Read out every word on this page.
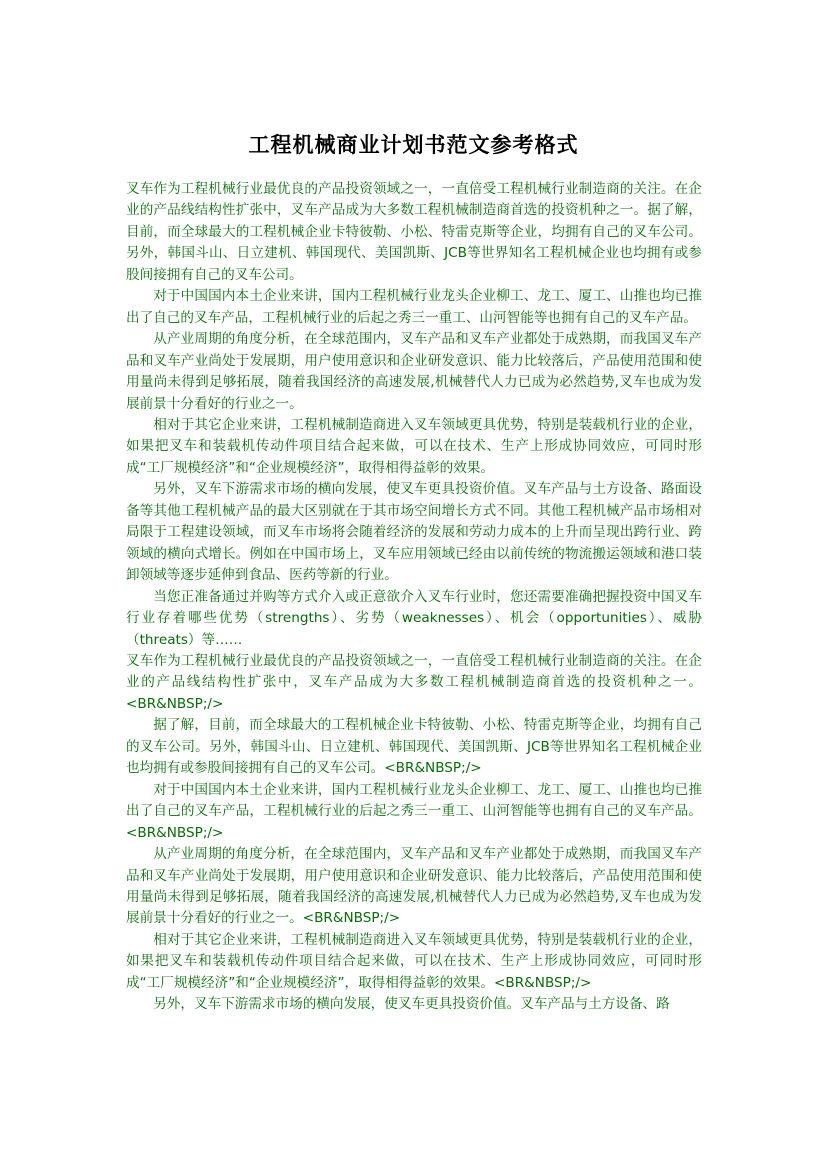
工程机械商业计划书范文参考格式

叉车作为工程机械行业最优良的产品投资领域之一，一直倍受工程机械行业制造商的关注。在企业的产品线结构性扩张中，叉车产品成为大多数工程机械制造商首选的投资机种之一。据了解，目前，而全球最大的工程机械企业卡特彼勒、小松、特雷克斯等企业，均拥有自己的叉车公司。另外，韩国斗山、日立建机、韩国现代、美国凯斯、JCB等世界知名工程机械企业也均拥有或参股间接拥有自己的叉车公司。

对于中国国内本土企业来讲，国内工程机械行业龙头企业柳工、龙工、厦工、山推也均已推出了自己的叉车产品，工程机械行业的后起之秀三一重工、山河智能等也拥有自己的叉车产品。

从产业周期的角度分析，在全球范围内，叉车产品和叉车产业都处于成熟期，而我国叉车产品和叉车产业尚处于发展期，用户使用意识和企业研发意识、能力比较落后，产品使用范围和使用量尚未得到足够拓展，随着我国经济的高速发展,机械替代人力已成为必然趋势,叉车也成为发展前景十分看好的行业之一。

相对于其它企业来讲，工程机械制造商进入叉车领域更具优势，特别是装载机行业的企业，如果把叉车和装载机传动件项目结合起来做，可以在技术、生产上形成协同效应，可同时形成“工厂规模经济”和“企业规模经济”，取得相得益彰的效果。

另外，叉车下游需求市场的横向发展，使叉车更具投资价值。叉车产品与土方设备、路面设备等其他工程机械产品的最大区别就在于其市场空间增长方式不同。其他工程机械产品市场相对局限于工程建设领域，而叉车市场将会随着经济的发展和劳动力成本的上升而呈现出跨行业、跨领域的横向式增长。例如在中国市场上，叉车应用领域已经由以前传统的物流搬运领域和港口装卸领域等逐步延伸到食品、医药等新的行业。

当您正准备通过并购等方式介入或正意欲介入叉车行业时，您还需要准确把握投资中国叉车行业存着哪些优势（strengths）、劣势（weaknesses）、机会（opportunities）、威胁（threats）等……

叉车作为工程机械行业最优良的产品投资领域之一，一直倍受工程机械行业制造商的关注。在企业的产品线结构性扩张中，叉车产品成为大多数工程机械制造商首选的投资机种之一。<BR&NBSP;/>

据了解，目前，而全球最大的工程机械企业卡特彼勒、小松、特雷克斯等企业，均拥有自己的叉车公司。另外，韩国斗山、日立建机、韩国现代、美国凯斯、JCB等世界知名工程机械企业也均拥有或参股间接拥有自己的叉车公司。<BR&NBSP;/>

对于中国国内本土企业来讲，国内工程机械行业龙头企业柳工、龙工、厦工、山推也均已推出了自己的叉车产品，工程机械行业的后起之秀三一重工、山河智能等也拥有自己的叉车产品。<BR&NBSP;/>

从产业周期的角度分析，在全球范围内，叉车产品和叉车产业都处于成熟期，而我国叉车产品和叉车产业尚处于发展期，用户使用意识和企业研发意识、能力比较落后，产品使用范围和使用量尚未得到足够拓展，随着我国经济的高速发展,机械替代人力已成为必然趋势,叉车也成为发展前景十分看好的行业之一。<BR&NBSP;/>

相对于其它企业来讲，工程机械制造商进入叉车领域更具优势，特别是装载机行业的企业，如果把叉车和装载机传动件项目结合起来做，可以在技术、生产上形成协同效应，可同时形成“工厂规模经济”和“企业规模经济”，取得相得益彰的效果。<BR&NBSP;/>

另外，叉车下游需求市场的横向发展，使叉车更具投资价值。叉车产品与土方设备、路
